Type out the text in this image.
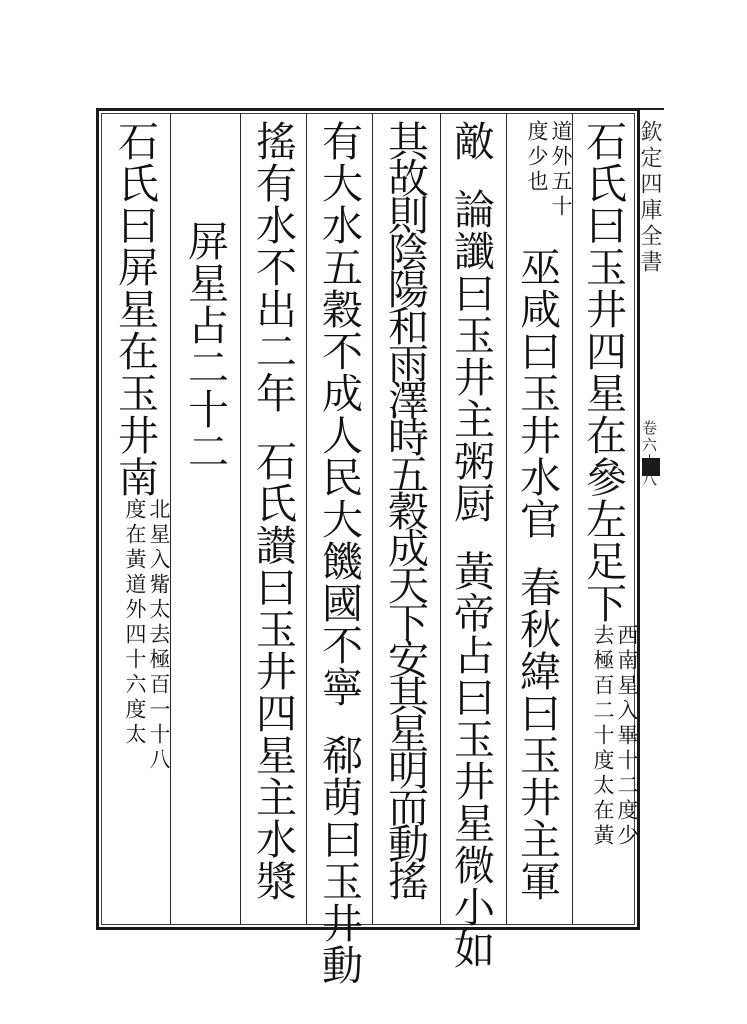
欽定四庫全書
卷六十八
石氏曰玉井四星在參左足下西南星入畢十二度少
去極百二十度太在黃
道外五十
度少也巫咸曰玉井水官春秋緯曰玉井主軍
敵論讖曰玉井主粥厨黃帝占曰玉井星微小如
其故則陰陽和雨澤時五穀成天下安其星明而動搖
有大水五穀不成人民大饑國不寧郗萌曰玉井動
搖有水不出二年石氏讃曰玉井四星主水漿
屏星占二十二
石氏曰屏星在玉井南北星入觜太去極百一十八
度在黃道外四十六度太
